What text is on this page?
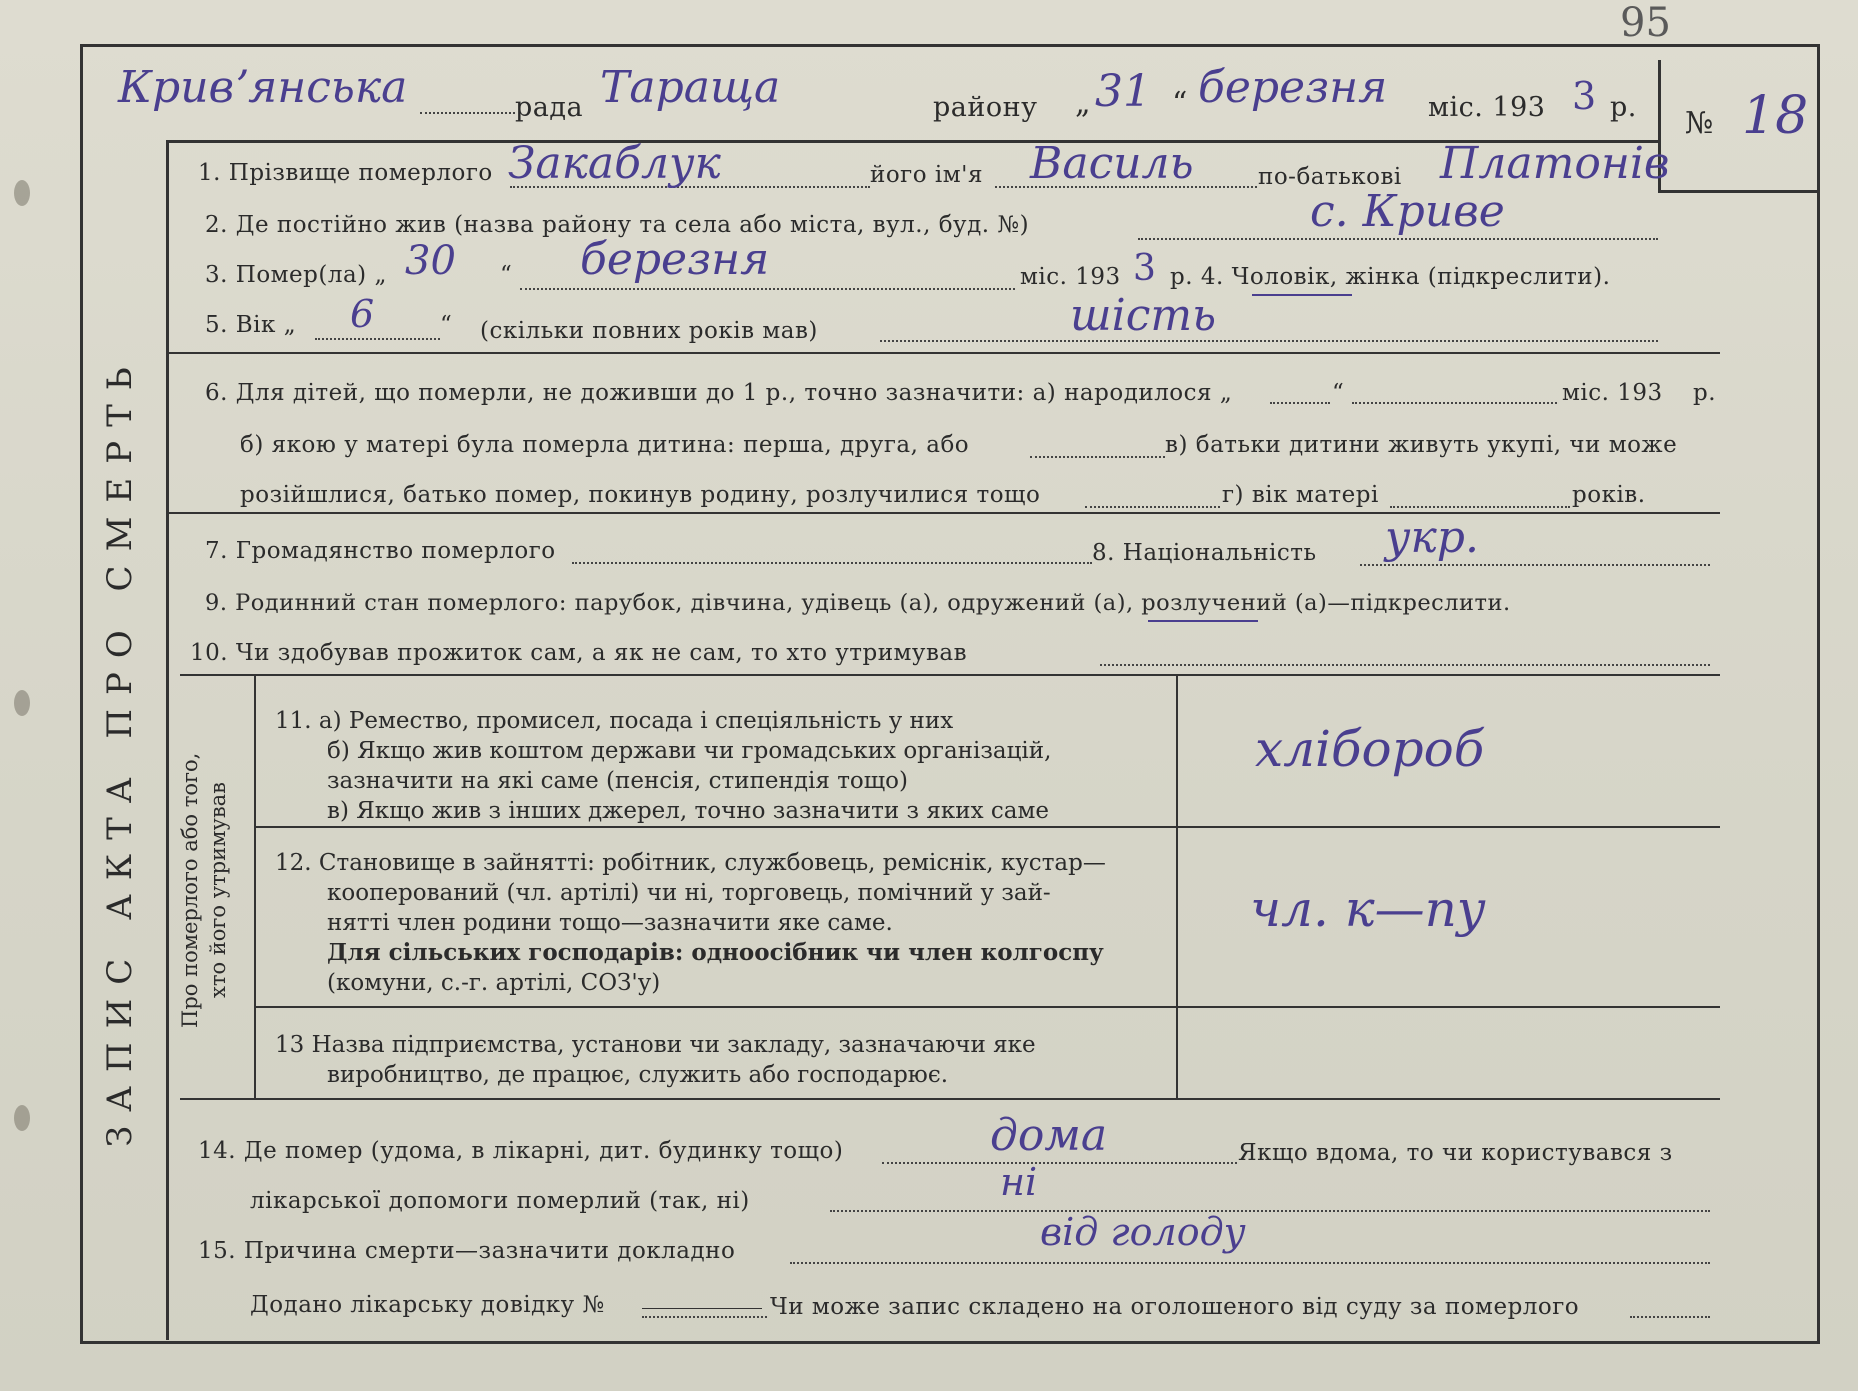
95
Кривʼянська	рада Тараща	району „ 31 “ березня міс. 193 3 р. № 18
ЗАПИС АКТА ПРО СМЕРТЬ
1. Прізвище померлого Закаблук	його ім'я Василь	по-батькові Платонів
2. Де постійно жив (назва району та села або міста, вул., буд. №)	с. Криве
3. Помер(ла) „ 30 “ березня	міс. 193 3 р. 4. Чоловік, жінка (підкреслити).
5. Вік „ 6	“ (скільки повних років мав)	шість
6. Для дітей, що померли, не доживши до 1 р., точно зазначити: а) народилося „	“	міс. 193 р.
б) якою у матері була померла дитина: перша, друга, або	в) батьки дитини живуть укупі, чи може
розійшлися, батько помер, покинув родину, розлучилися тощо	г) вік матері	років.
7. Громадянство померлого	8. Національність укр.
9. Родинний стан померлого: парубок, дівчина, удівець (а), одружений (а), розлучений (а)—підкреслити.
10. Чи здобував прожиток сам, а як не сам, то хто утримував
Про померлого або того, хто його утримував
11. а) Ремество, промисел, посада і спеціяльність у них
б) Якщо жив коштом держави чи громадських організацій,
зазначити на які саме (пенсія, стипендія тощо)
в) Якщо жив з інших джерел, точно зазначити з яких саме
хлібороб
12. Становище в зайнятті: робітник, службовець, реміснік, кустар—
кооперований (чл. артілі) чи ні, торговець, помічний у зай-
нятті член родини тощо—зазначити яке саме.
Для сільських господарів: одноосібник чи член колгоспу
(комуни, с.-г. артілі, СОЗ'у)
чл. к—пу
13 Назва підприємства, установи чи закладу, зазначаючи яке
виробництво, де працює, служить або господарює.
14. Де помер (удома, в лікарні, дит. будинку тощо)	дома	Якщо вдома, то чи користувався з
лікарської допомоги померлий (так, ні)	ні
15. Причина смерти—зазначити докладно	від голоду
Додано лікарську довідку №	Чи може запис складено на оголошеного від суду за померлого
